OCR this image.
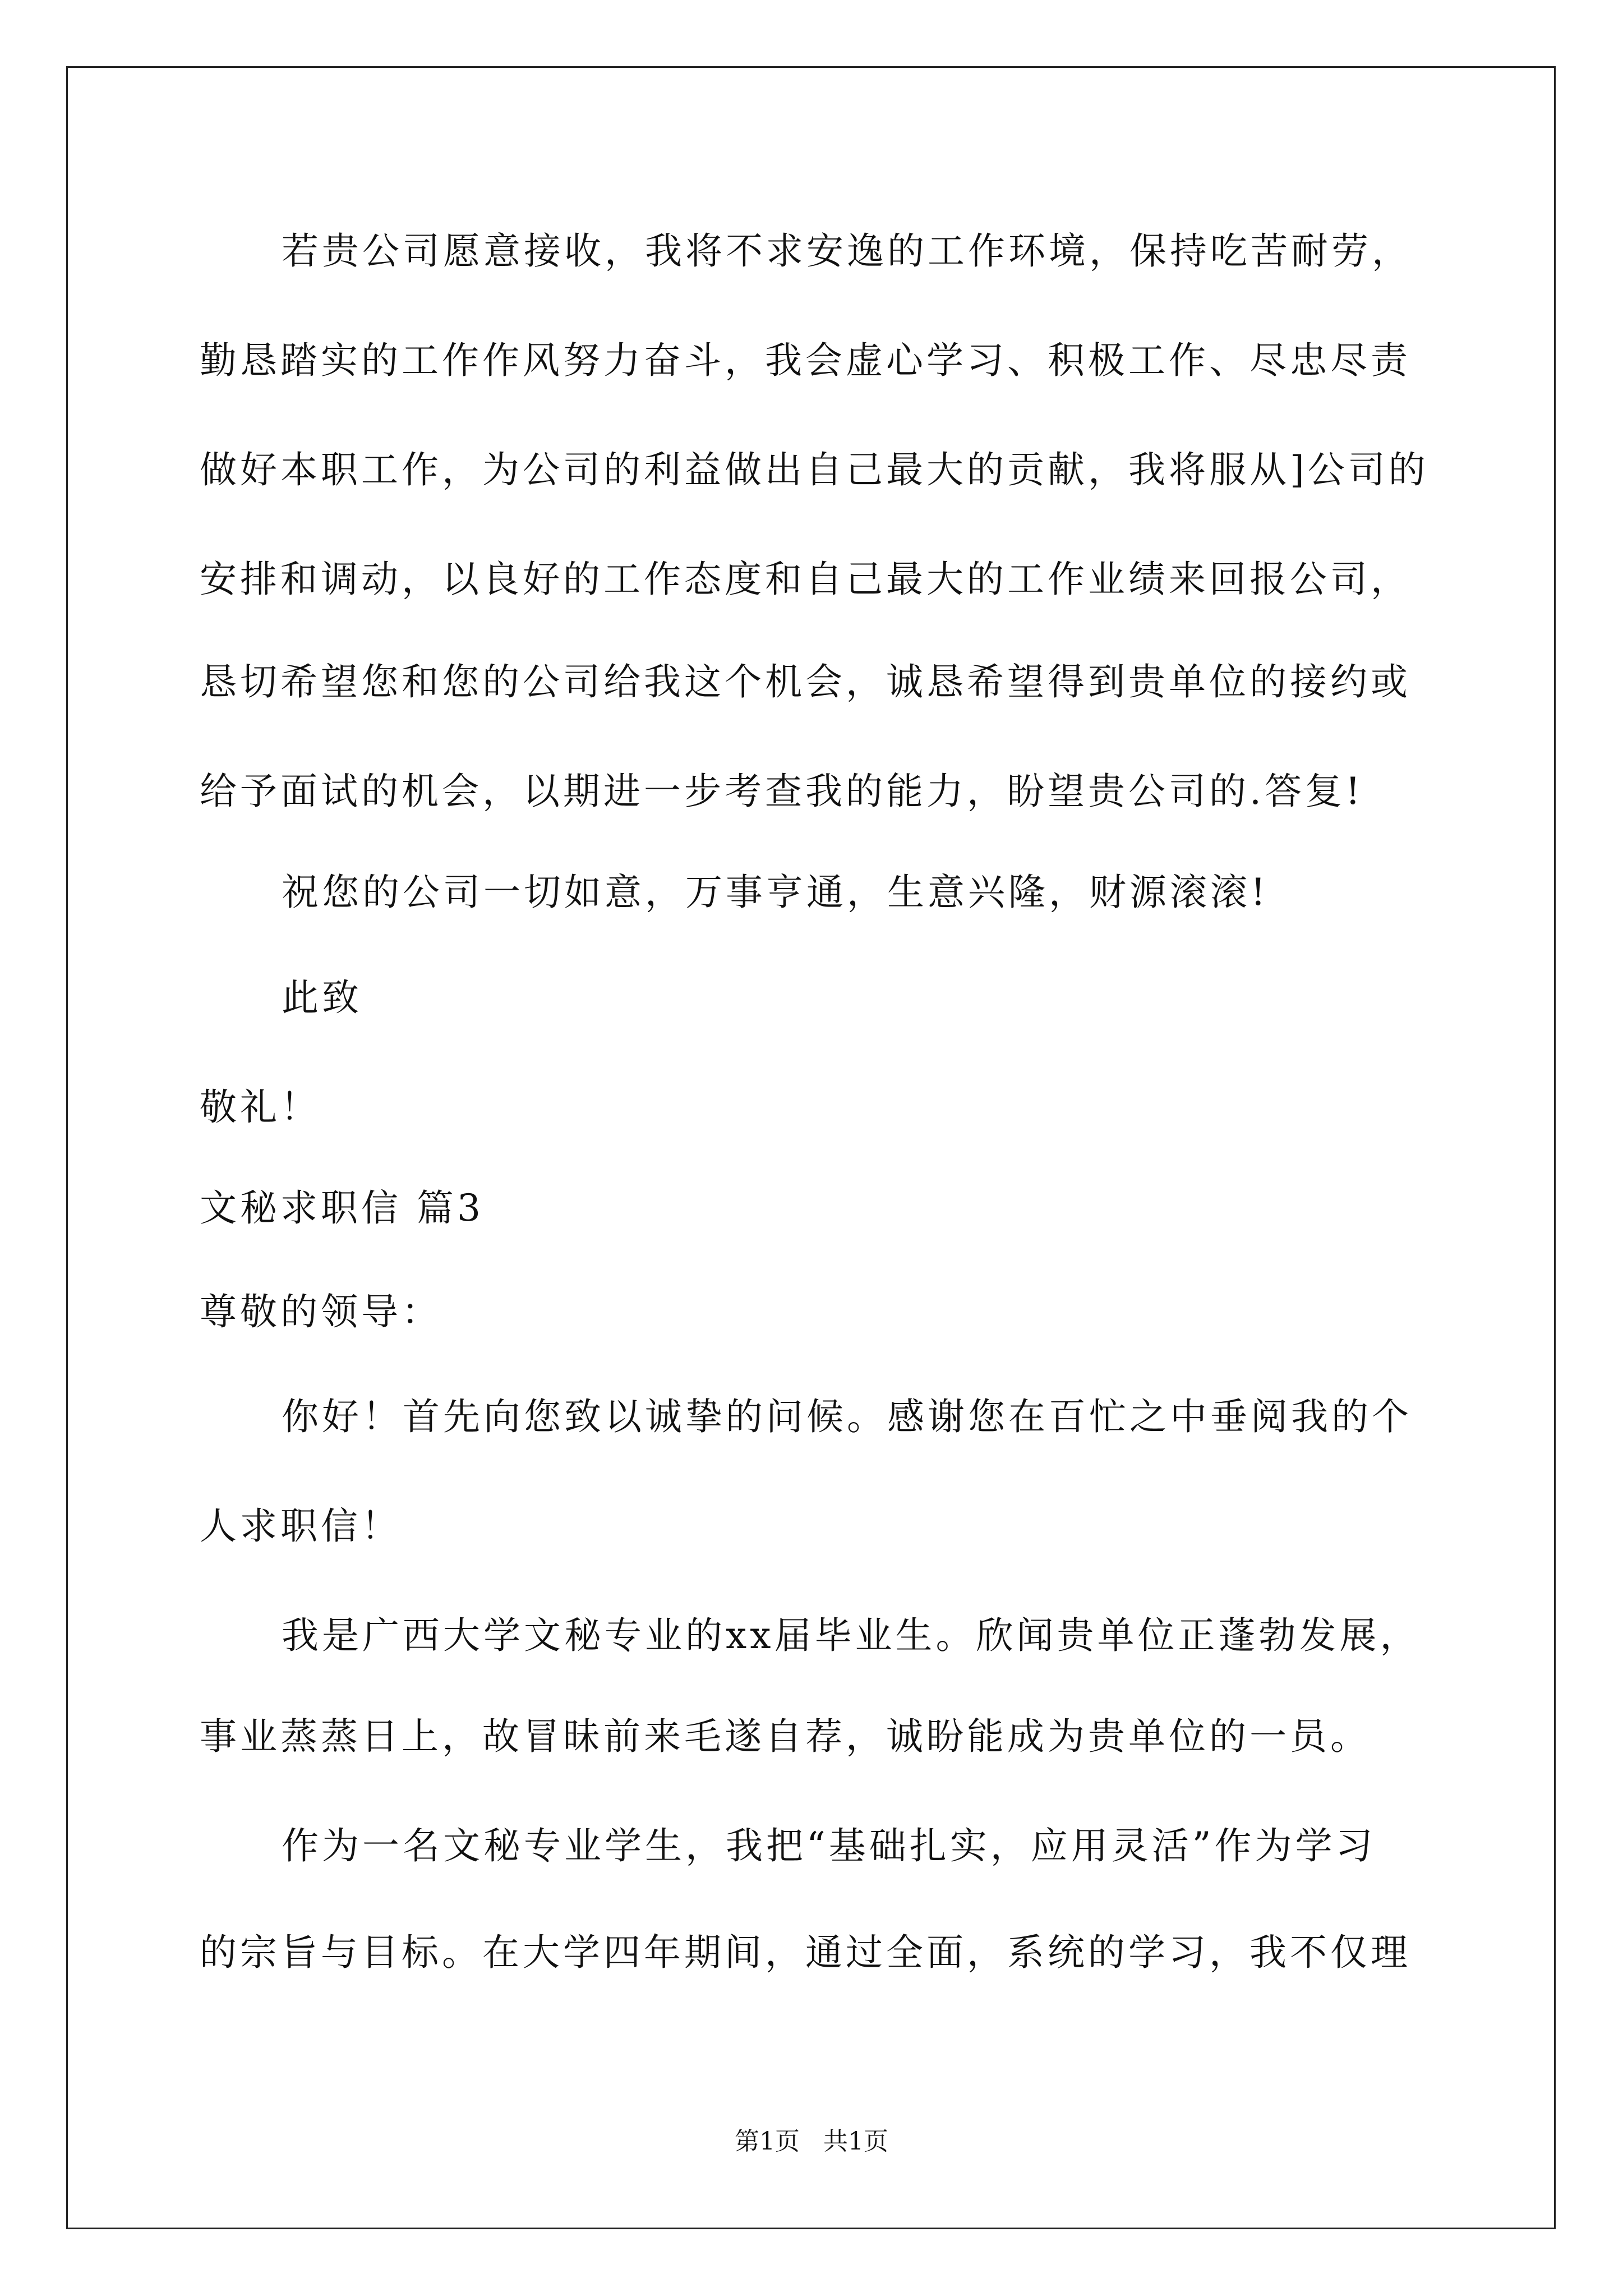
若贵公司愿意接收，我将不求安逸的工作环境，保持吃苦耐劳，
勤恳踏实的工作作风努力奋斗，我会虚心学习、积极工作、尽忠尽责
做好本职工作，为公司的利益做出自己最大的贡献，我将服从]公司的
安排和调动，以良好的工作态度和自己最大的工作业绩来回报公司，
恳切希望您和您的公司给我这个机会，诚恳希望得到贵单位的接约或
给予面试的机会，以期进一步考查我的能力，盼望贵公司的.答复!
祝您的公司一切如意，万事亨通，生意兴隆，财源滚滚!
此致
敬礼！
文秘求职信 篇3
尊敬的领导：
你好！首先向您致以诚挚的问候。感谢您在百忙之中垂阅我的个
人求职信！
我是广西大学文秘专业的xx届毕业生。欣闻贵单位正蓬勃发展，
事业蒸蒸日上，故冒昧前来毛遂自荐，诚盼能成为贵单位的一员。
作为一名文秘专业学生，我把“基础扎实，应用灵活”作为学习
的宗旨与目标。在大学四年期间，通过全面，系统的学习，我不仅理
第1页   共1页
